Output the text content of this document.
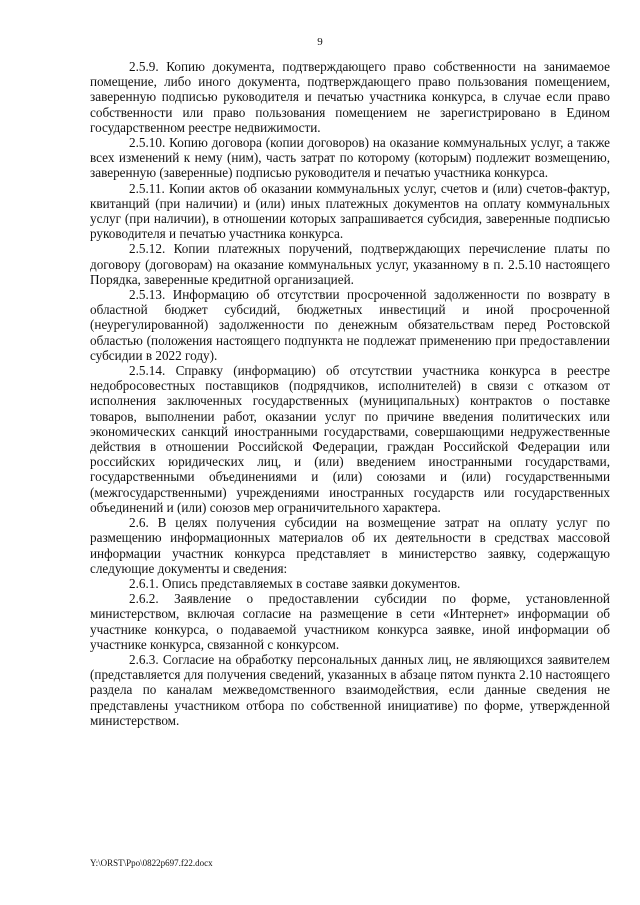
9

2.5.9. Копию документа, подтверждающего право собственности на занимаемое помещение, либо иного документа, подтверждающего право пользования помещением, заверенную подписью руководителя и печатью участника конкурса, в случае если право собственности или право пользования помещением не зарегистрировано в Едином государственном реестре недвижимости.

2.5.10. Копию договора (копии договоров) на оказание коммунальных услуг, а также всех изменений к нему (ним), часть затрат по которому (которым) подлежит возмещению, заверенную (заверенные) подписью руководителя и печатью участника конкурса.

2.5.11. Копии актов об оказании коммунальных услуг, счетов и (или) счетов-фактур, квитанций (при наличии) и (или) иных платежных документов на оплату коммунальных услуг (при наличии), в отношении которых запрашивается субсидия, заверенные подписью руководителя и печатью участника конкурса.

2.5.12. Копии платежных поручений, подтверждающих перечисление платы по договору (договорам) на оказание коммунальных услуг, указанному в п. 2.5.10 настоящего Порядка, заверенные кредитной организацией.

2.5.13. Информацию об отсутствии просроченной задолженности по возврату в областной бюджет субсидий, бюджетных инвестиций и иной просроченной (неурегулированной) задолженности по денежным обязательствам перед Ростовской областью (положения настоящего подпункта не подлежат применению при предоставлении субсидии в 2022 году).

2.5.14. Справку (информацию) об отсутствии участника конкурса в реестре недобросовестных поставщиков (подрядчиков, исполнителей) в связи с отказом от исполнения заключенных государственных (муниципальных) контрактов о поставке товаров, выполнении работ, оказании услуг по причине введения политических или экономических санкций иностранными государствами, совершающими недружественные действия в отношении Российской Федерации, граждан Российской Федерации или российских юридических лиц, и (или) введением иностранными государствами, государственными объединениями и (или) союзами и (или) государственными (межгосударственными) учреждениями иностранных государств или государственных объединений и (или) союзов мер ограничительного характера.

2.6. В целях получения субсидии на возмещение затрат на оплату услуг по размещению информационных материалов об их деятельности в средствах массовой информации участник конкурса представляет в министерство заявку, содержащую следующие документы и сведения:

2.6.1. Опись представляемых в составе заявки документов.

2.6.2. Заявление о предоставлении субсидии по форме, установленной министерством, включая согласие на размещение в сети «Интернет» информации об участнике конкурса, о подаваемой участником конкурса заявке, иной информации об участнике конкурса, связанной с конкурсом.

2.6.3. Согласие на обработку персональных данных лиц, не являющихся заявителем (представляется для получения сведений, указанных в абзаце пятом пункта 2.10 настоящего раздела по каналам межведомственного взаимодействия, если данные сведения не представлены участником отбора по собственной инициативе) по форме, утвержденной министерством.

Y:\ORST\Ppo\0822p697.f22.docx
